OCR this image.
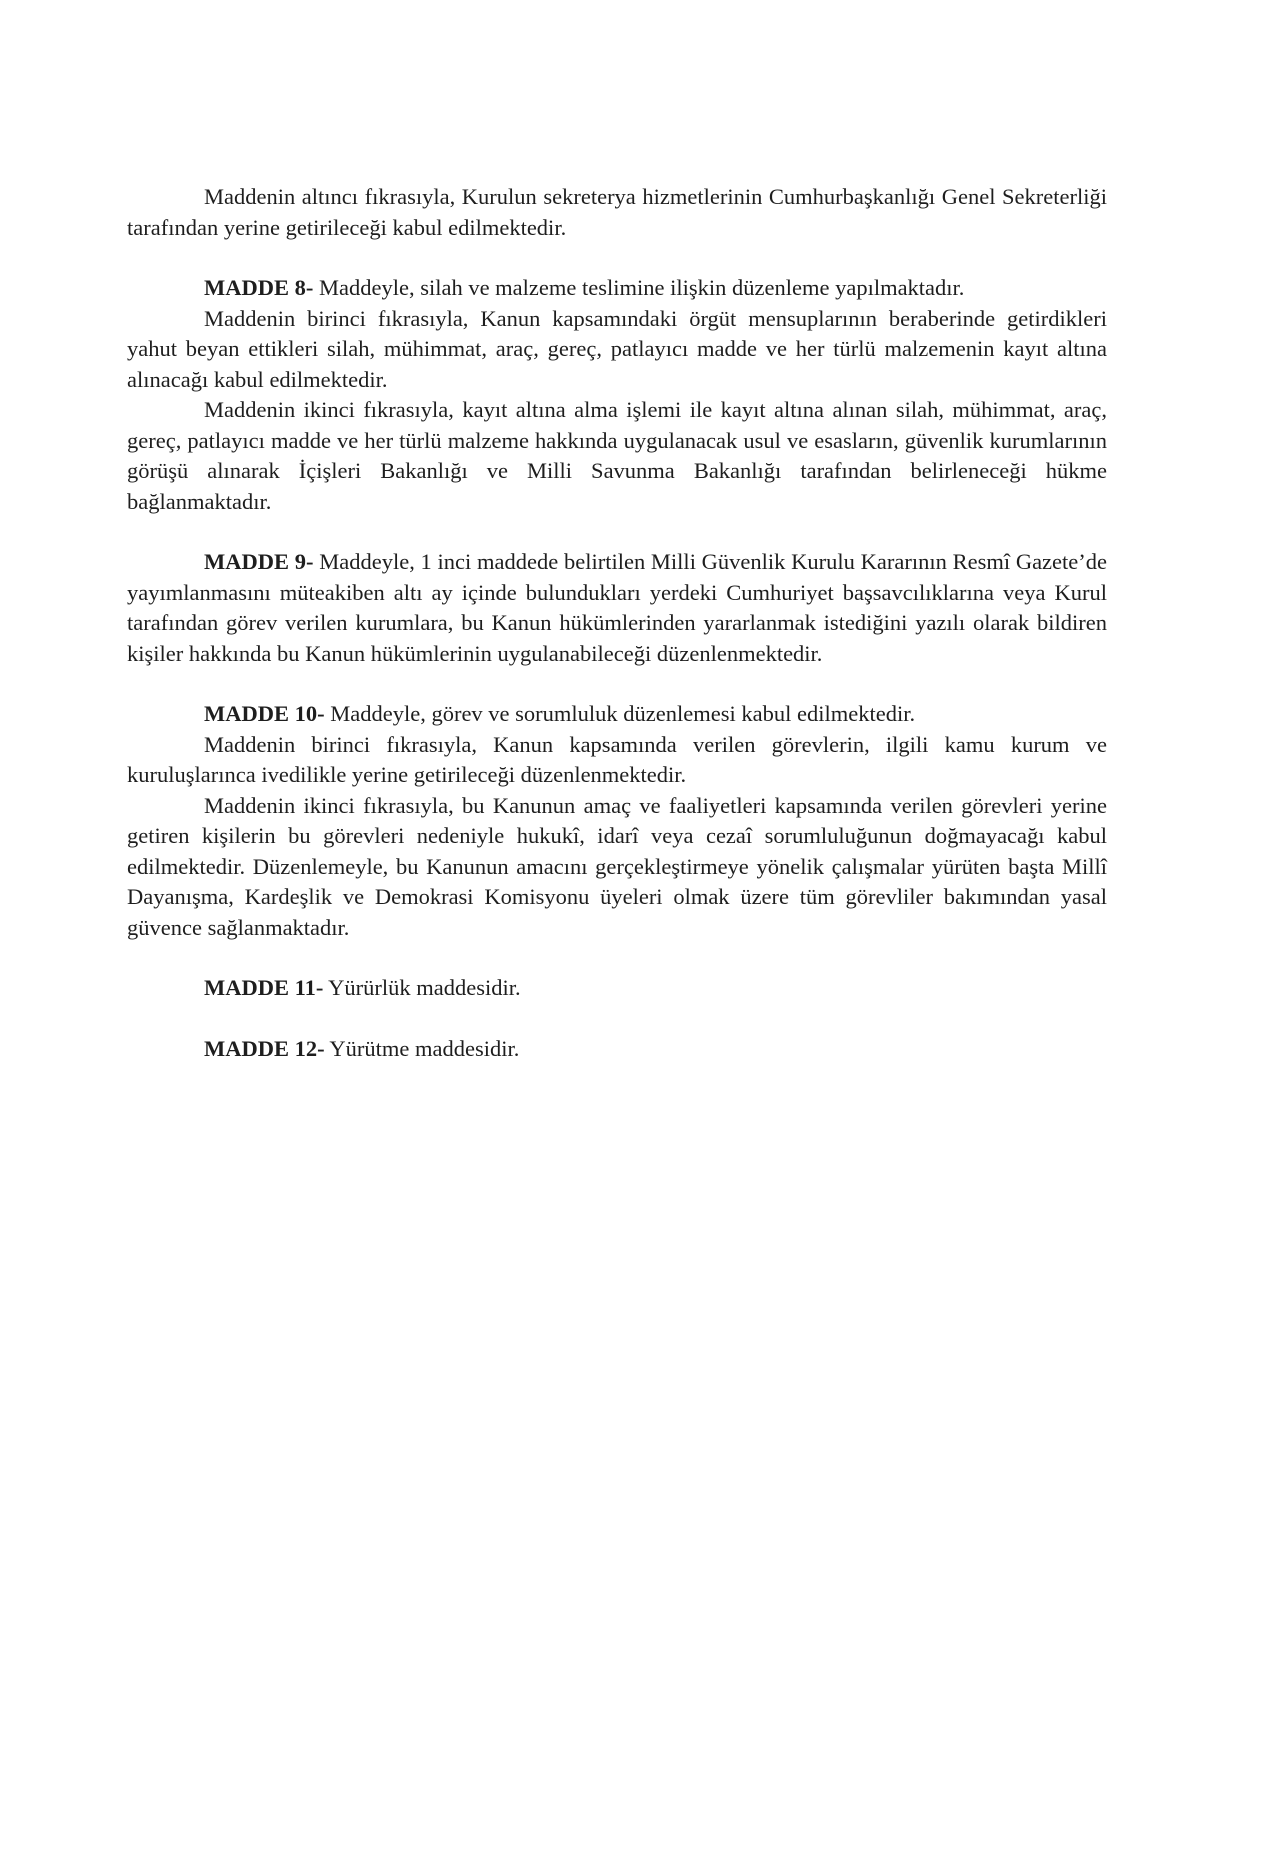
Maddenin altıncı fıkrasıyla, Kurulun sekreterya hizmetlerinin Cumhurbaşkanlığı Genel Sekreterliği tarafından yerine getirileceği kabul edilmektedir.

MADDE 8- Maddeyle, silah ve malzeme teslimine ilişkin düzenleme yapılmaktadır.

Maddenin birinci fıkrasıyla, Kanun kapsamındaki örgüt mensuplarının beraberinde getirdikleri yahut beyan ettikleri silah, mühimmat, araç, gereç, patlayıcı madde ve her türlü malzemenin kayıt altına alınacağı kabul edilmektedir.

Maddenin ikinci fıkrasıyla, kayıt altına alma işlemi ile kayıt altına alınan silah, mühimmat, araç, gereç, patlayıcı madde ve her türlü malzeme hakkında uygulanacak usul ve esasların, güvenlik kurumlarının görüşü alınarak İçişleri Bakanlığı ve Milli Savunma Bakanlığı tarafından belirleneceği hükme bağlanmaktadır.

MADDE 9- Maddeyle, 1 inci maddede belirtilen Milli Güvenlik Kurulu Kararının Resmî Gazete’de yayımlanmasını müteakiben altı ay içinde bulundukları yerdeki Cumhuriyet başsavcılıklarına veya Kurul tarafından görev verilen kurumlara, bu Kanun hükümlerinden yararlanmak istediğini yazılı olarak bildiren kişiler hakkında bu Kanun hükümlerinin uygulanabileceği düzenlenmektedir.

MADDE 10- Maddeyle, görev ve sorumluluk düzenlemesi kabul edilmektedir.

Maddenin birinci fıkrasıyla, Kanun kapsamında verilen görevlerin, ilgili kamu kurum ve kuruluşlarınca ivedilikle yerine getirileceği düzenlenmektedir.

Maddenin ikinci fıkrasıyla, bu Kanunun amaç ve faaliyetleri kapsamında verilen görevleri yerine getiren kişilerin bu görevleri nedeniyle hukukî, idarî veya cezaî sorumluluğunun doğmayacağı kabul edilmektedir. Düzenlemeyle, bu Kanunun amacını gerçekleştirmeye yönelik çalışmalar yürüten başta Millî Dayanışma, Kardeşlik ve Demokrasi Komisyonu üyeleri olmak üzere tüm görevliler bakımından yasal güvence sağlanmaktadır.

MADDE 11- Yürürlük maddesidir.

MADDE 12- Yürütme maddesidir.
